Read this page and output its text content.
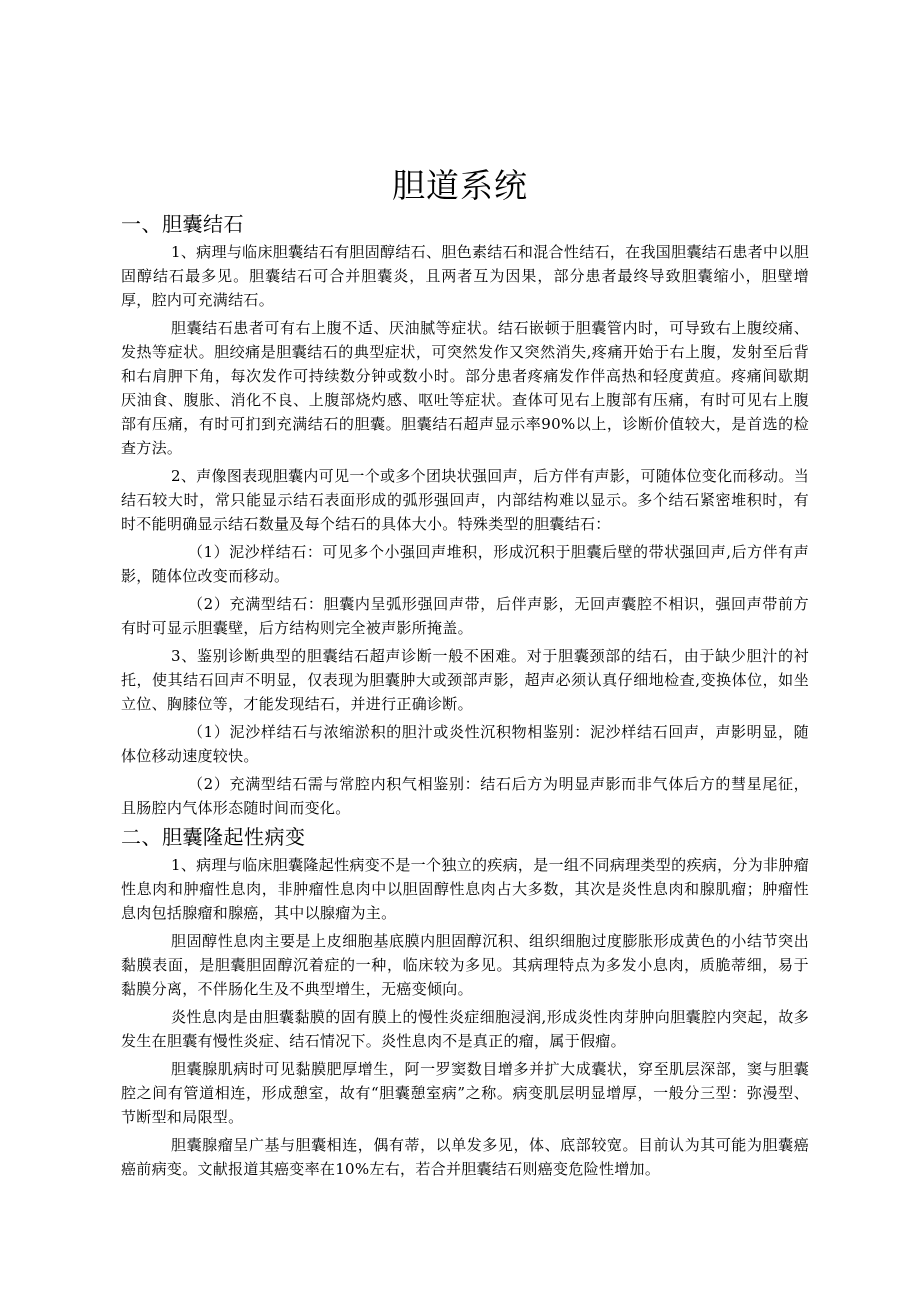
胆道系统
一、胆囊结石

1、病理与临床胆囊结石有胆固醇结石、胆色素结石和混合性结石，在我国胆囊结石患者中以胆固醇结石最多见。胆囊结石可合并胆囊炎，且两者互为因果，部分患者最终导致胆囊缩小，胆壁增厚，腔内可充满结石。

胆囊结石患者可有右上腹不适、厌油腻等症状。结石嵌顿于胆囊管内时，可导致右上腹绞痛、发热等症状。胆绞痛是胆囊结石的典型症状，可突然发作又突然消失,疼痛开始于右上腹，发射至后背和右肩胛下角，每次发作可持续数分钟或数小时。部分患者疼痛发作伴高热和轻度黄疸。疼痛间歇期厌油食、腹胀、消化不良、上腹部烧灼感、呕吐等症状。查体可见右上腹部有压痛，有时可见右上腹部有压痛，有时可扪到充满结石的胆囊。胆囊结石超声显示率90%以上，诊断价值较大，是首选的检查方法。

2、声像图表现胆囊内可见一个或多个团块状强回声，后方伴有声影，可随体位变化而移动。当结石较大时，常只能显示结石表面形成的弧形强回声，内部结构难以显示。多个结石紧密堆积时，有时不能明确显示结石数量及每个结石的具体大小。特殊类型的胆囊结石：

（1）泥沙样结石：可见多个小强回声堆积，形成沉积于胆囊后壁的带状强回声,后方伴有声影，随体位改变而移动。

（2）充满型结石：胆囊内呈弧形强回声带，后伴声影，无回声囊腔不相识，强回声带前方有时可显示胆囊壁，后方结构则完全被声影所掩盖。

3、鉴别诊断典型的胆囊结石超声诊断一般不困难。对于胆囊颈部的结石，由于缺少胆汁的衬托，使其结石回声不明显，仅表现为胆囊肿大或颈部声影，超声必须认真仔细地检查,变换体位，如坐立位、胸膝位等，才能发现结石，并进行正确诊断。

（1）泥沙样结石与浓缩淤积的胆汁或炎性沉积物相鉴别：泥沙样结石回声，声影明显，随体位移动速度较快。

（2）充满型结石需与常腔内积气相鉴别：结石后方为明显声影而非气体后方的彗星尾征，且肠腔内气体形态随时间而变化。

二、胆囊隆起性病变

1、病理与临床胆囊隆起性病变不是一个独立的疾病，是一组不同病理类型的疾病，分为非肿瘤性息肉和肿瘤性息肉，非肿瘤性息肉中以胆固醇性息肉占大多数，其次是炎性息肉和腺肌瘤；肿瘤性息肉包括腺瘤和腺癌，其中以腺瘤为主。

胆固醇性息肉主要是上皮细胞基底膜内胆固醇沉积、组织细胞过度膨胀形成黄色的小结节突出黏膜表面，是胆囊胆固醇沉着症的一种，临床较为多见。其病理特点为多发小息肉，质脆蒂细，易于黏膜分离，不伴肠化生及不典型增生，无癌变倾向。

炎性息肉是由胆囊黏膜的固有膜上的慢性炎症细胞浸润,形成炎性肉芽肿向胆囊腔内突起，故多发生在胆囊有慢性炎症、结石情况下。炎性息肉不是真正的瘤，属于假瘤。

胆囊腺肌病时可见黏膜肥厚增生，阿一罗窦数目增多并扩大成囊状，穿至肌层深部，窦与胆囊腔之间有管道相连，形成憩室，故有“胆囊憩室病”之称。病变肌层明显增厚，一般分三型：弥漫型、节断型和局限型。

胆囊腺瘤呈广基与胆囊相连，偶有蒂，以单发多见，体、底部较宽。目前认为其可能为胆囊癌癌前病变。文献报道其癌变率在10%左右，若合并胆囊结石则癌变危险性增加。
